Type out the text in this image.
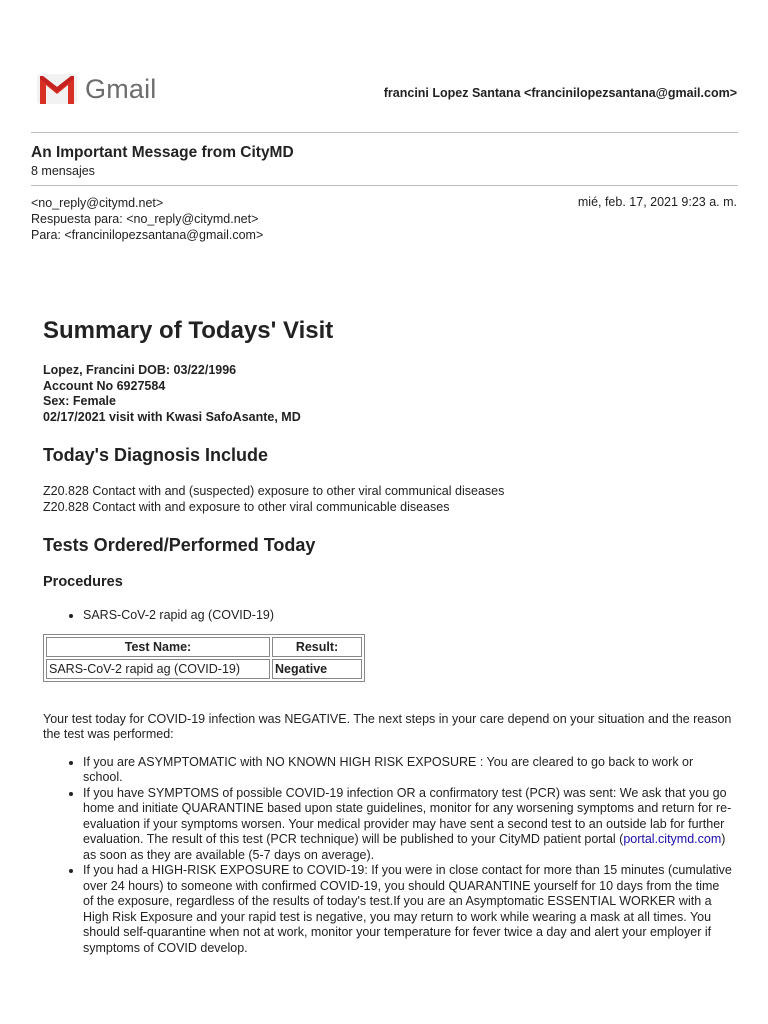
Gmail	francini Lopez Santana <francinilopezsantana@gmail.com>
An Important Message from CityMD
8 mensajes
<no_reply@citymd.net>
Respuesta para: <no_reply@citymd.net>
Para: <francinilopezsantana@gmail.com>
mié, feb. 17, 2021 9:23 a. m.
Summary of Todays' Visit
Lopez, Francini DOB: 03/22/1996
Account No 6927584
Sex: Female
02/17/2021 visit with Kwasi SafoAsante, MD
Today's Diagnosis Include
Z20.828 Contact with and (suspected) exposure to other viral communical diseases
Z20.828 Contact with and exposure to other viral communicable diseases
Tests Ordered/Performed Today
Procedures
• SARS-CoV-2 rapid ag (COVID-19)
Test Name:	Result:
SARS-CoV-2 rapid ag (COVID-19)	Negative
Your test today for COVID-19 infection was NEGATIVE. The next steps in your care depend on your situation and the reason the test was performed:
• If you are ASYMPTOMATIC with NO KNOWN HIGH RISK EXPOSURE : You are cleared to go back to work or school.
• If you have SYMPTOMS of possible COVID-19 infection OR a confirmatory test (PCR) was sent: We ask that you go home and initiate QUARANTINE based upon state guidelines, monitor for any worsening symptoms and return for re-evaluation if your symptoms worsen. Your medical provider may have sent a second test to an outside lab for further evaluation. The result of this test (PCR technique) will be published to your CityMD patient portal (portal.citymd.com) as soon as they are available (5-7 days on average).
• If you had a HIGH-RISK EXPOSURE to COVID-19: If you were in close contact for more than 15 minutes (cumulative over 24 hours) to someone with confirmed COVID-19, you should QUARANTINE yourself for 10 days from the time of the exposure, regardless of the results of today's test.If you are an Asymptomatic ESSENTIAL WORKER with a High Risk Exposure and your rapid test is negative, you may return to work while wearing a mask at all times. You should self-quarantine when not at work, monitor your temperature for fever twice a day and alert your employer if symptoms of COVID develop.
